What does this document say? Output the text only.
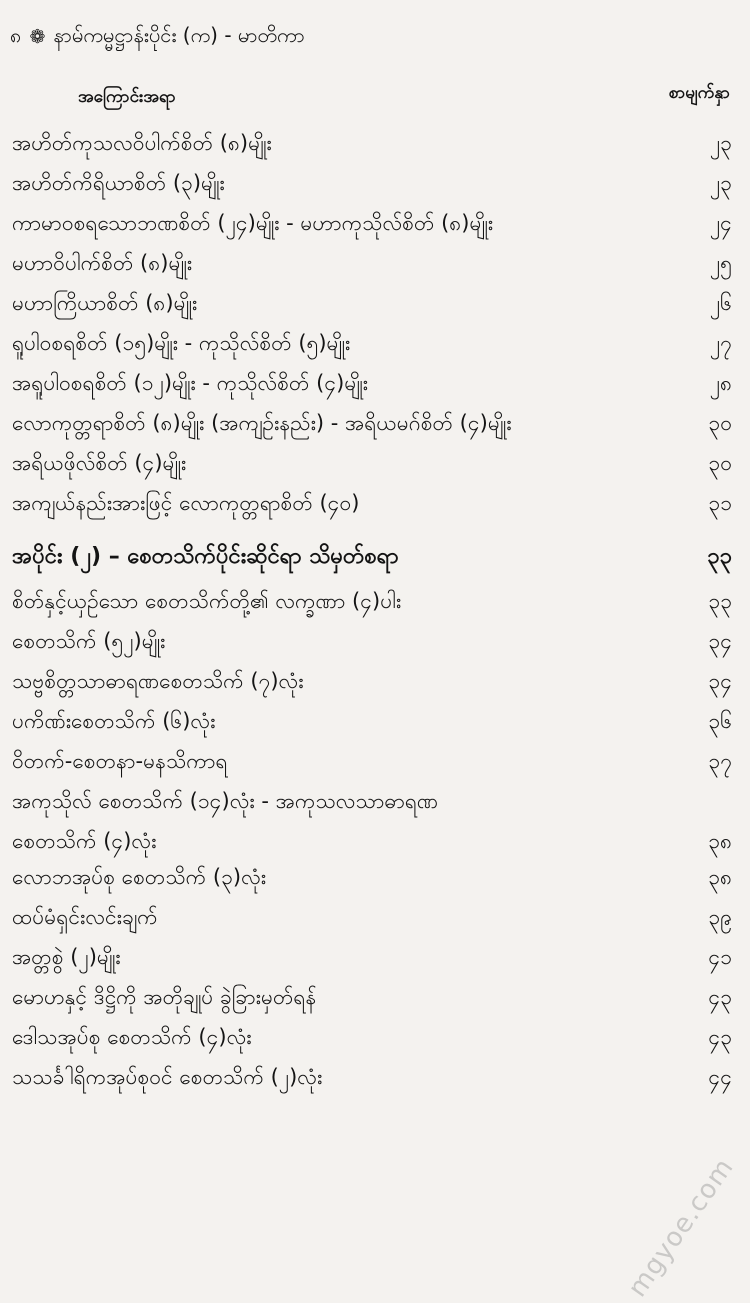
၈ ❁ နာမ်ကမ္မဋ္ဌာန်းပိုင်း (က) - မာတိကာ
အကြောင်းအရာ	စာမျက်နှာ
အဟိတ်ကုသလဝိပါက်စိတ် (၈)မျိုး	၂၃
အဟိတ်ကိရိယာစိတ် (၃)မျိုး	၂၃
ကာမာဝစရသောဘဏစိတ် (၂၄)မျိုး - မဟာကုသိုလ်စိတ် (၈)မျိုး	၂၄
မဟာဝိပါက်စိတ် (၈)မျိုး	၂၅
မဟာကြိယာစိတ် (၈)မျိုး	၂၆
ရူပါဝစရစိတ် (၁၅)မျိုး - ကုသိုလ်စိတ် (၅)မျိုး	၂၇
အရူပါဝစရစိတ် (၁၂)မျိုး - ကုသိုလ်စိတ် (၄)မျိုး	၂၈
လောကုတ္တရာစိတ် (၈)မျိုး (အကျဉ်းနည်း) - အရိယမဂ်စိတ် (၄)မျိုး	၃၀
အရိယဖိုလ်စိတ် (၄)မျိုး	၃၀
အကျယ်နည်းအားဖြင့် လောကုတ္တရာစိတ် (၄၀)	၃၁
အပိုင်း (၂) – စေတသိက်ပိုင်းဆိုင်ရာ သိမှတ်စရာ	၃၃
စိတ်နှင့်ယှဉ်သော စေတသိက်တို့၏ လက္ခဏာ (၄)ပါး	၃၃
စေတသိက် (၅၂)မျိုး	၃၄
သဗ္ဗစိတ္တသာဓာရဏစေတသိက် (၇)လုံး	၃၄
ပကိဏ်းစေတသိက် (၆)လုံး	၃၆
ဝိတက်-စေတနာ-မနသိကာရ	၃၇
အကုသိုလ် စေတသိက် (၁၄)လုံး - အကုသလသာဓာရဏ
စေတသိက် (၄)လုံး	၃၈
လောဘအုပ်စု စေတသိက် (၃)လုံး	၃၈
ထပ်မံရှင်းလင်းချက်	၃၉
အတ္တစွဲ (၂)မျိုး	၄၁
မောဟနှင့် ဒိဋ္ဌိကို အတိုချုပ် ခွဲခြားမှတ်ရန်	၄၃
ဒေါသအုပ်စု စေတသိက် (၄)လုံး	၄၃
သသင်္ခါရိကအုပ်စုဝင် စေတသိက် (၂)လုံး	၄၄
mgyoe.com
